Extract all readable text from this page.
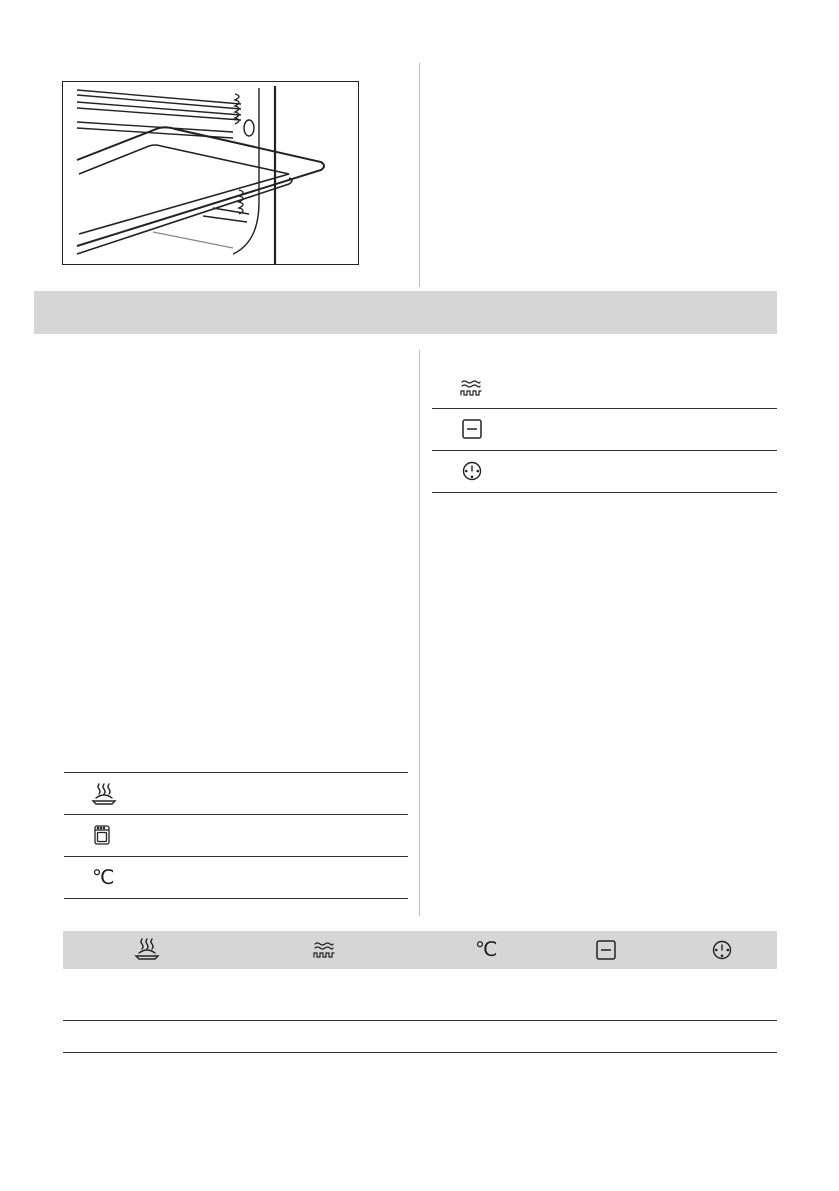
℃
℃
